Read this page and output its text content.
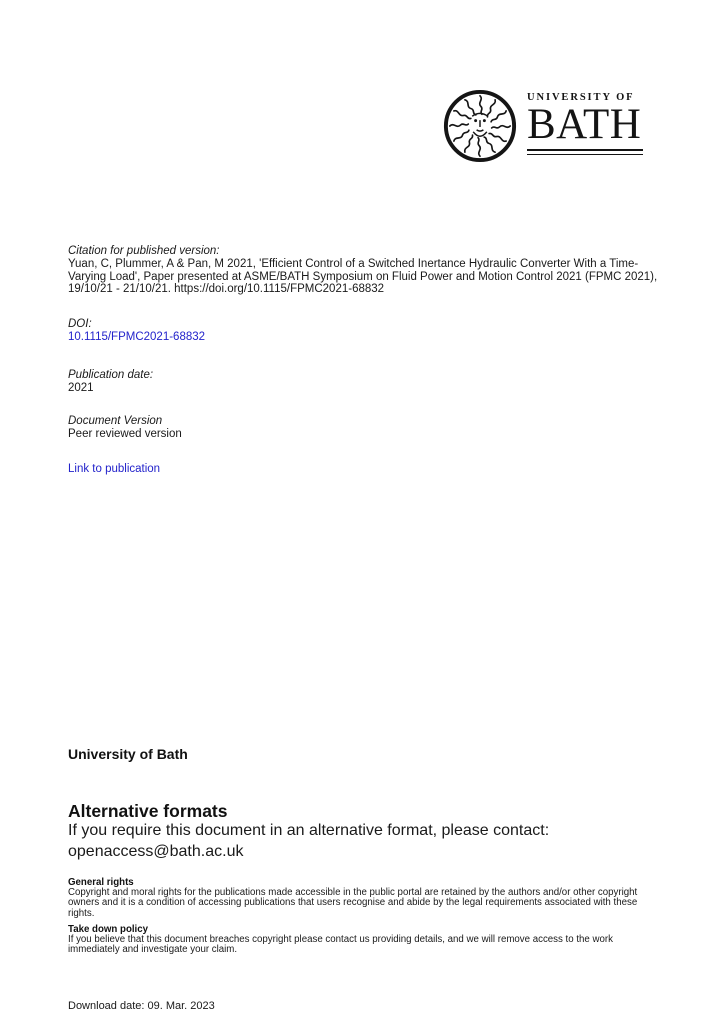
UNIVERSITY OF
BATH
Citation for published version:
Yuan, C, Plummer, A & Pan, M 2021, 'Efficient Control of a Switched Inertance Hydraulic Converter With a Time-Varying Load', Paper presented at ASME/BATH Symposium on Fluid Power and Motion Control 2021 (FPMC 2021), 19/10/21 - 21/10/21. https://doi.org/10.1115/FPMC2021-68832
DOI:
10.1115/FPMC2021-68832
Publication date:
2021
Document Version
Peer reviewed version
Link to publication
University of Bath
Alternative formats
If you require this document in an alternative format, please contact:
openaccess@bath.ac.uk
General rights
Copyright and moral rights for the publications made accessible in the public portal are retained by the authors and/or other copyright owners and it is a condition of accessing publications that users recognise and abide by the legal requirements associated with these rights.
Take down policy
If you believe that this document breaches copyright please contact us providing details, and we will remove access to the work immediately and investigate your claim.
Download date: 09. Mar. 2023
